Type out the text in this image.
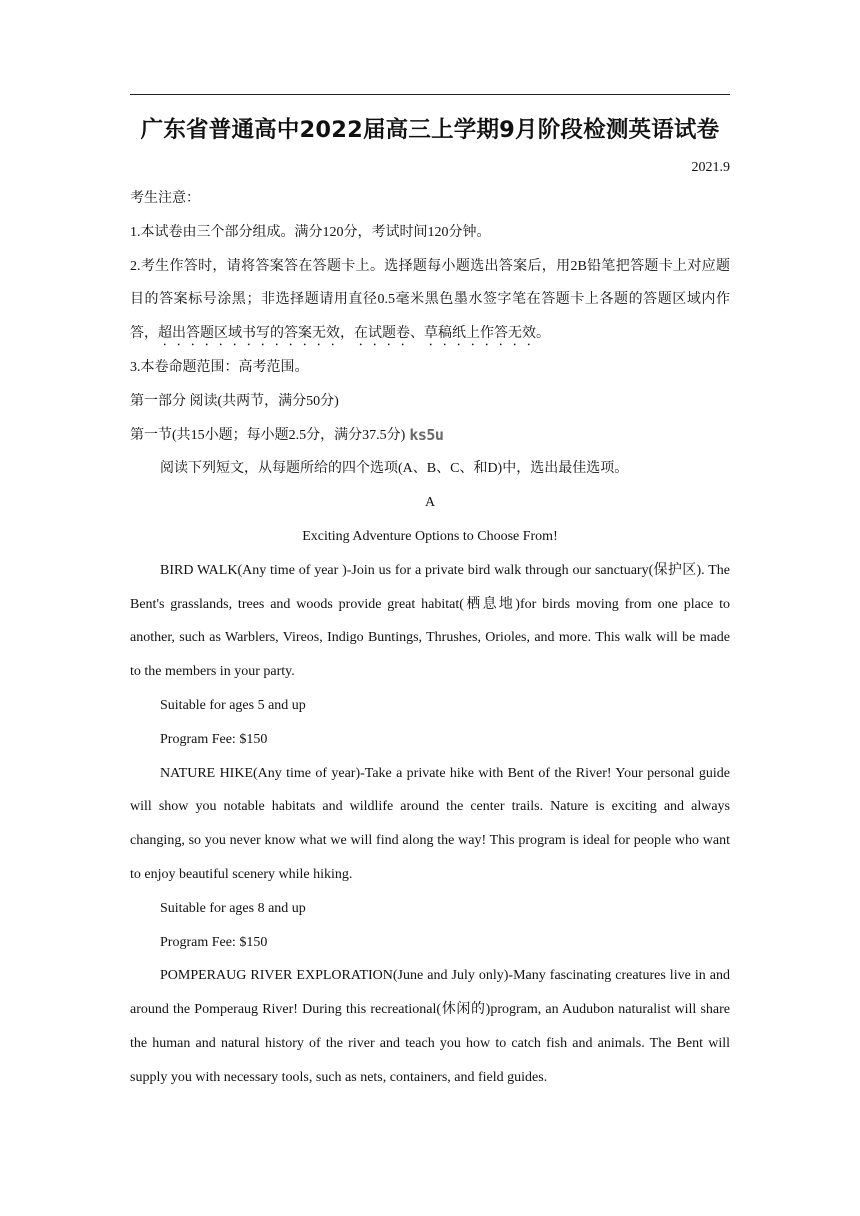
广东省普通高中2022届高三上学期9月阶段检测英语试卷
2021.9

考生注意：

1.本试卷由三个部分组成。满分120分，考试时间120分钟。

2.考生作答时，请将答案答在答题卡上。选择题每小题选出答案后，用2B铅笔把答题卡上对应题目的答案标号涂黑；非选择题请用直径0.5毫米黑色墨水签字笔在答题卡上各题的答题区域内作答，超出答题区域书写的答案无效，在试题卷、草稿纸上作答无效。

3.本卷命题范围：高考范围。

第一部分 阅读(共两节，满分50分)

第一节(共15小题；每小题2.5分，满分37.5分) ks5u

阅读下列短文，从每题所给的四个选项(A、B、C、和D)中，选出最佳选项。

A

Exciting Adventure Options to Choose From!

BIRD WALK(Any time of year )-Join us for a private bird walk through our sanctuary(保护区). The Bent's grasslands, trees and woods provide great habitat(栖息地)for birds moving from one place to another, such as Warblers, Vireos, Indigo Buntings, Thrushes, Orioles, and more. This walk will be made to the members in your party.

Suitable for ages 5 and up

Program Fee: $150

NATURE HIKE(Any time of year)-Take a private hike with Bent of the River! Your personal guide will show you notable habitats and wildlife around the center trails. Nature is exciting and always changing, so you never know what we will find along the way! This program is ideal for people who want to enjoy beautiful scenery while hiking.

Suitable for ages 8 and up

Program Fee: $150

POMPERAUG RIVER EXPLORATION(June and July only)-Many fascinating creatures live in and around the Pomperaug River! During this recreational(休闲的)program, an Audubon naturalist will share the human and natural history of the river and teach you how to catch fish and animals. The Bent will supply you with necessary tools, such as nets, containers, and field guides.
